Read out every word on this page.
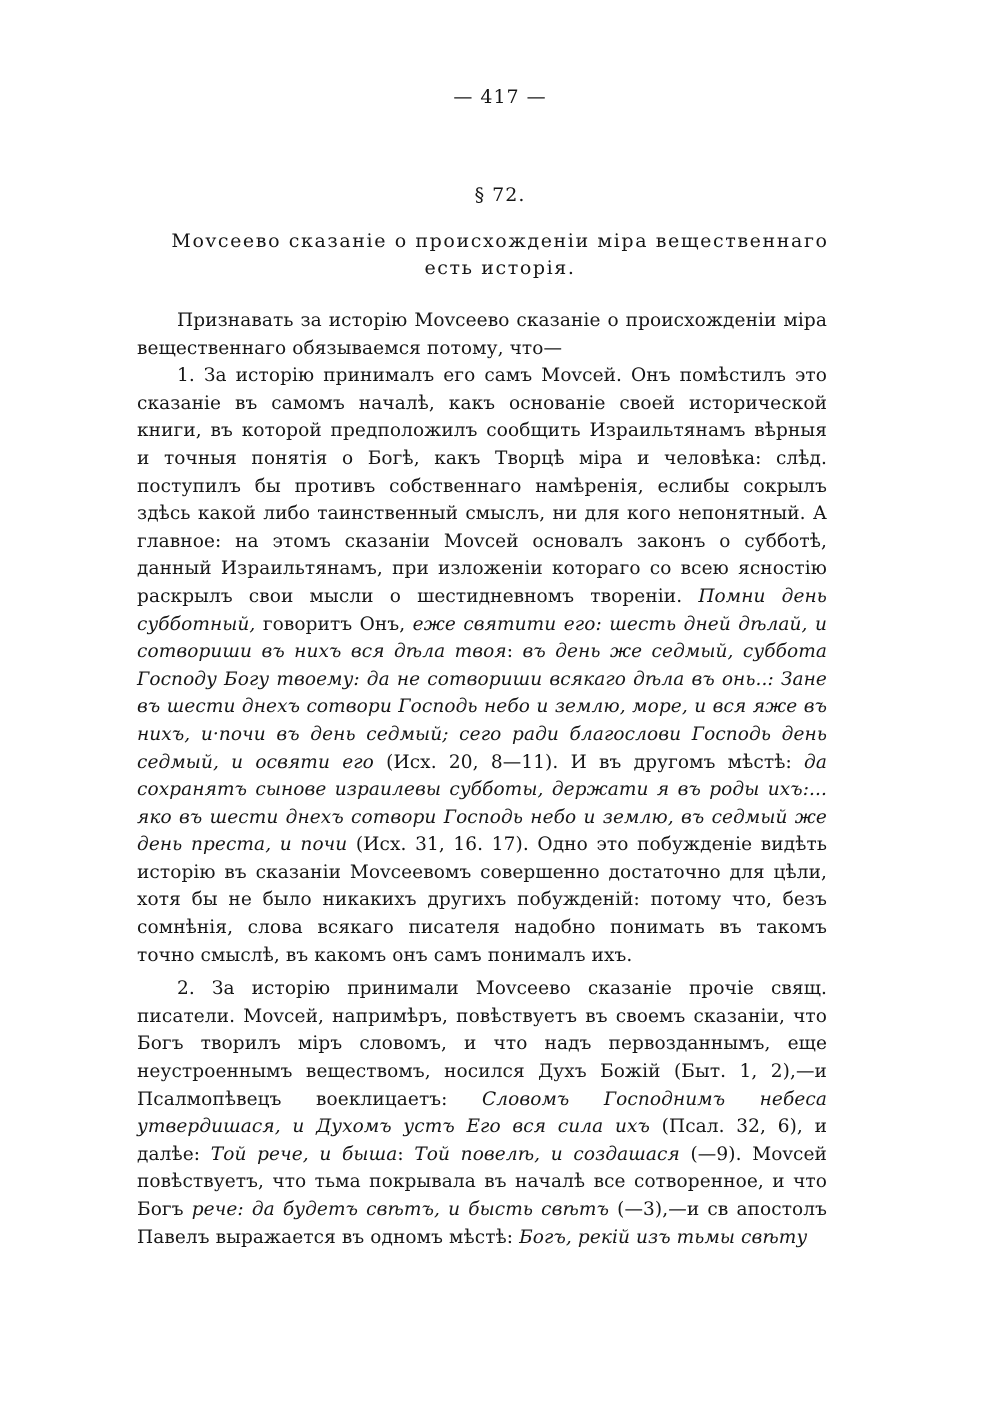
— 417 —
§ 72.
Моvсеево сказаніе о происхожденіи міра вещественнаго
есть исторія.

Признавать за исторію Моvсеево сказаніе о происхожденіи міра вещественнаго обязываемся потому, что—

1. За исторію принималъ его самъ Моvсей. Онъ помѣстилъ это сказаніе въ самомъ началѣ, какъ основаніе своей исторической книги, въ которой предположилъ сообщить Израильтянамъ вѣрныя и точныя понятія о Богѣ, какъ Творцѣ міра и человѣка: слѣд. поступилъ бы противъ собственнаго намѣренія, еслибы сокрылъ здѣсь какой либо таинственный смыслъ, ни для кого непонятный. А главное: на этомъ сказаніи Моvсей основалъ законъ о субботѣ, данный Израильтянамъ, при изложеніи котораго со всею ясностію раскрылъ свои мысли о шестидневномъ твореніи. Помни день субботный, говоритъ Онъ, еже святити его: шесть дней дѣлай, и сотвориши въ нихъ вся дѣла твоя: въ день же седмый, суббота Господу Богу твоему: да не сотвориши всякаго дѣла въ онь..: Зане въ шести днехъ сотвори Господь небо и землю, море, и вся яже въ нихъ, и·почи въ день седмый; сего ради благослови Господь день седмый, и освяти его (Исх. 20, 8—11). И въ другомъ мѣстѣ: да сохранятъ сынове израилевы субботы, держати я въ роды ихъ:... яко въ шести днехъ сотвори Господь небо и землю, въ седмый же день преста, и почи (Исх. 31, 16. 17). Одно это побужденіе видѣть исторію въ сказаніи Моvсеевомъ совершенно достаточно для цѣли, хотя бы не было никакихъ другихъ побужденій: потому что, безъ сомнѣнія, слова всякаго писателя надобно понимать въ такомъ точно смыслѣ, въ какомъ онъ самъ понималъ ихъ.

2. За исторію принимали Моvсеево сказаніе прочіе свящ. писатели. Моvсей, напримѣръ, повѣствуетъ въ своемъ сказаніи, что Богъ творилъ міръ словомъ, и что надъ первозданнымъ, еще неустроеннымъ веществомъ, носился Духъ Божій (Быт. 1, 2),—и Псалмопѣвецъ воеклицаетъ: Словомъ Господнимъ небеса утвердишася, и Духомъ устъ Его вся сила ихъ (Псал. 32, 6), и далѣе: Той рече, и быша: Той повелѣ, и создашася (—9). Моvсей повѣствуетъ, что тьма покрывала въ началѣ все сотворенное, и что Богъ рече: да будетъ свѣтъ, и бысть свѣтъ (—3),—и св апостолъ Павелъ выражается въ одномъ мѣстѣ: Богъ, рекій изъ тьмы свѣту
